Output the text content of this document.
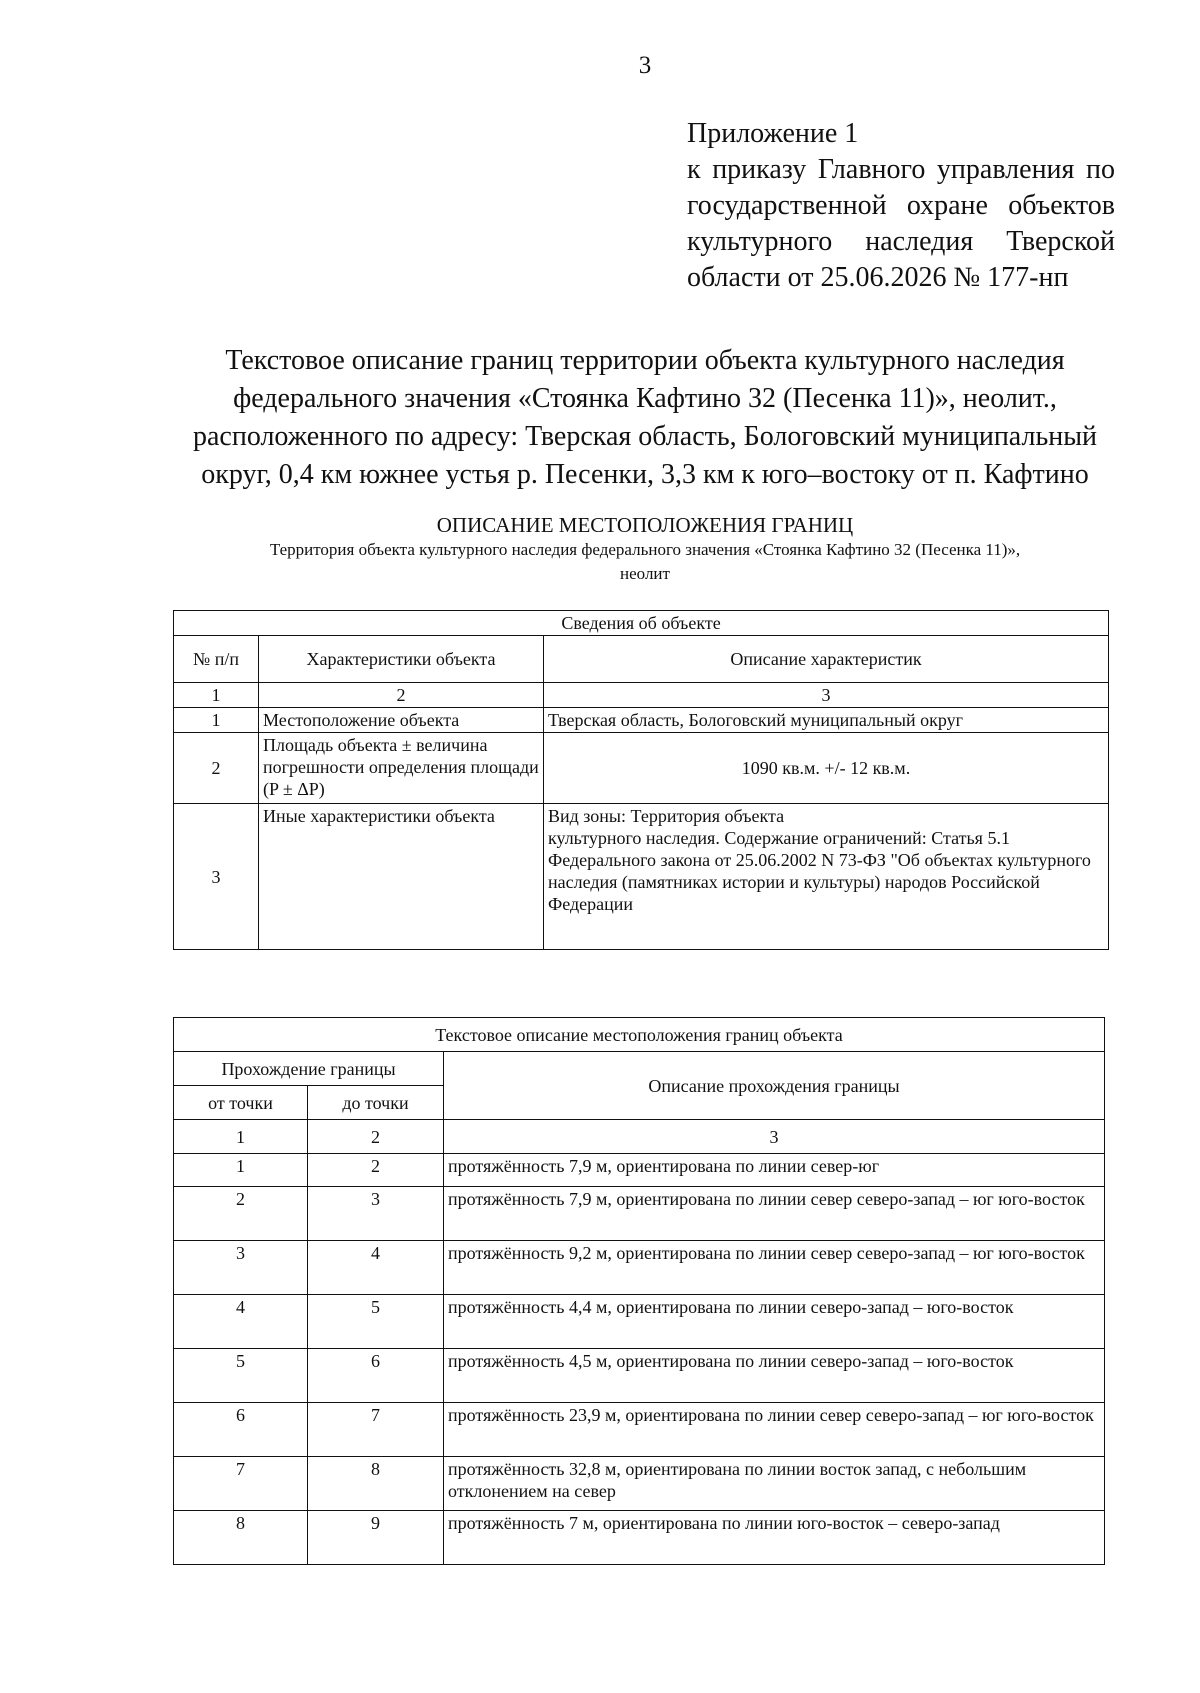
3
Приложение 1
к приказу Главного управления по
государственной охране объектов
культурного наследия Тверской
области от 25.06.2026 № 177-нп
Текстовое описание границ территории объекта культурного наследия
федерального значения «Стоянка Кафтино 32 (Песенка 11)», неолит.,
расположенного по адресу: Тверская область, Бологовский муниципальный
округ, 0,4 км южнее устья р. Песенки, 3,3 км к юго–востоку от п. Кафтино
ОПИСАНИЕ МЕСТОПОЛОЖЕНИЯ ГРАНИЦ
Территория объекта культурного наследия федерального значения «Стоянка Кафтино 32 (Песенка 11)»,
неолит
Сведения об объекте		
№ п/п	Характеристики объекта	Описание характеристик
1	2	3
1	Местоположение объекта	Тверская область, Бологовский муниципальный округ
2	Площадь объекта ± величина погрешности определения площади (P ± ΔP)	1090 кв.м. +/- 12 кв.м.
3	Иные характеристики объекта	Вид зоны: Территория объекта
культурного наследия. Содержание ограничений: Статья 5.1 Федерального закона от 25.06.2002 N 73-ФЗ "Об объектах культурного наследия (памятниках истории и культуры) народов Российской Федерации
Текстовое описание местоположения границ объекта		
Прохождение границы		Описание прохождения границы
от точки	до точки	
1	2	3
1	2	протяжённость 7,9 м, ориентирована по линии север-юг
2	3	протяжённость 7,9 м, ориентирована по линии север северо-запад – юг юго-восток
3	4	протяжённость 9,2 м, ориентирована по линии север северо-запад – юг юго-восток
4	5	протяжённость 4,4 м, ориентирована по линии северо-запад – юго-восток
5	6	протяжённость 4,5 м, ориентирована по линии северо-запад – юго-восток
6	7	протяжённость 23,9 м, ориентирована по линии север северо-запад – юг юго-восток
7	8	протяжённость 32,8 м, ориентирована по линии восток запад, с небольшим отклонением на север
8	9	протяжённость 7 м, ориентирована по линии юго-восток – северо-запад
